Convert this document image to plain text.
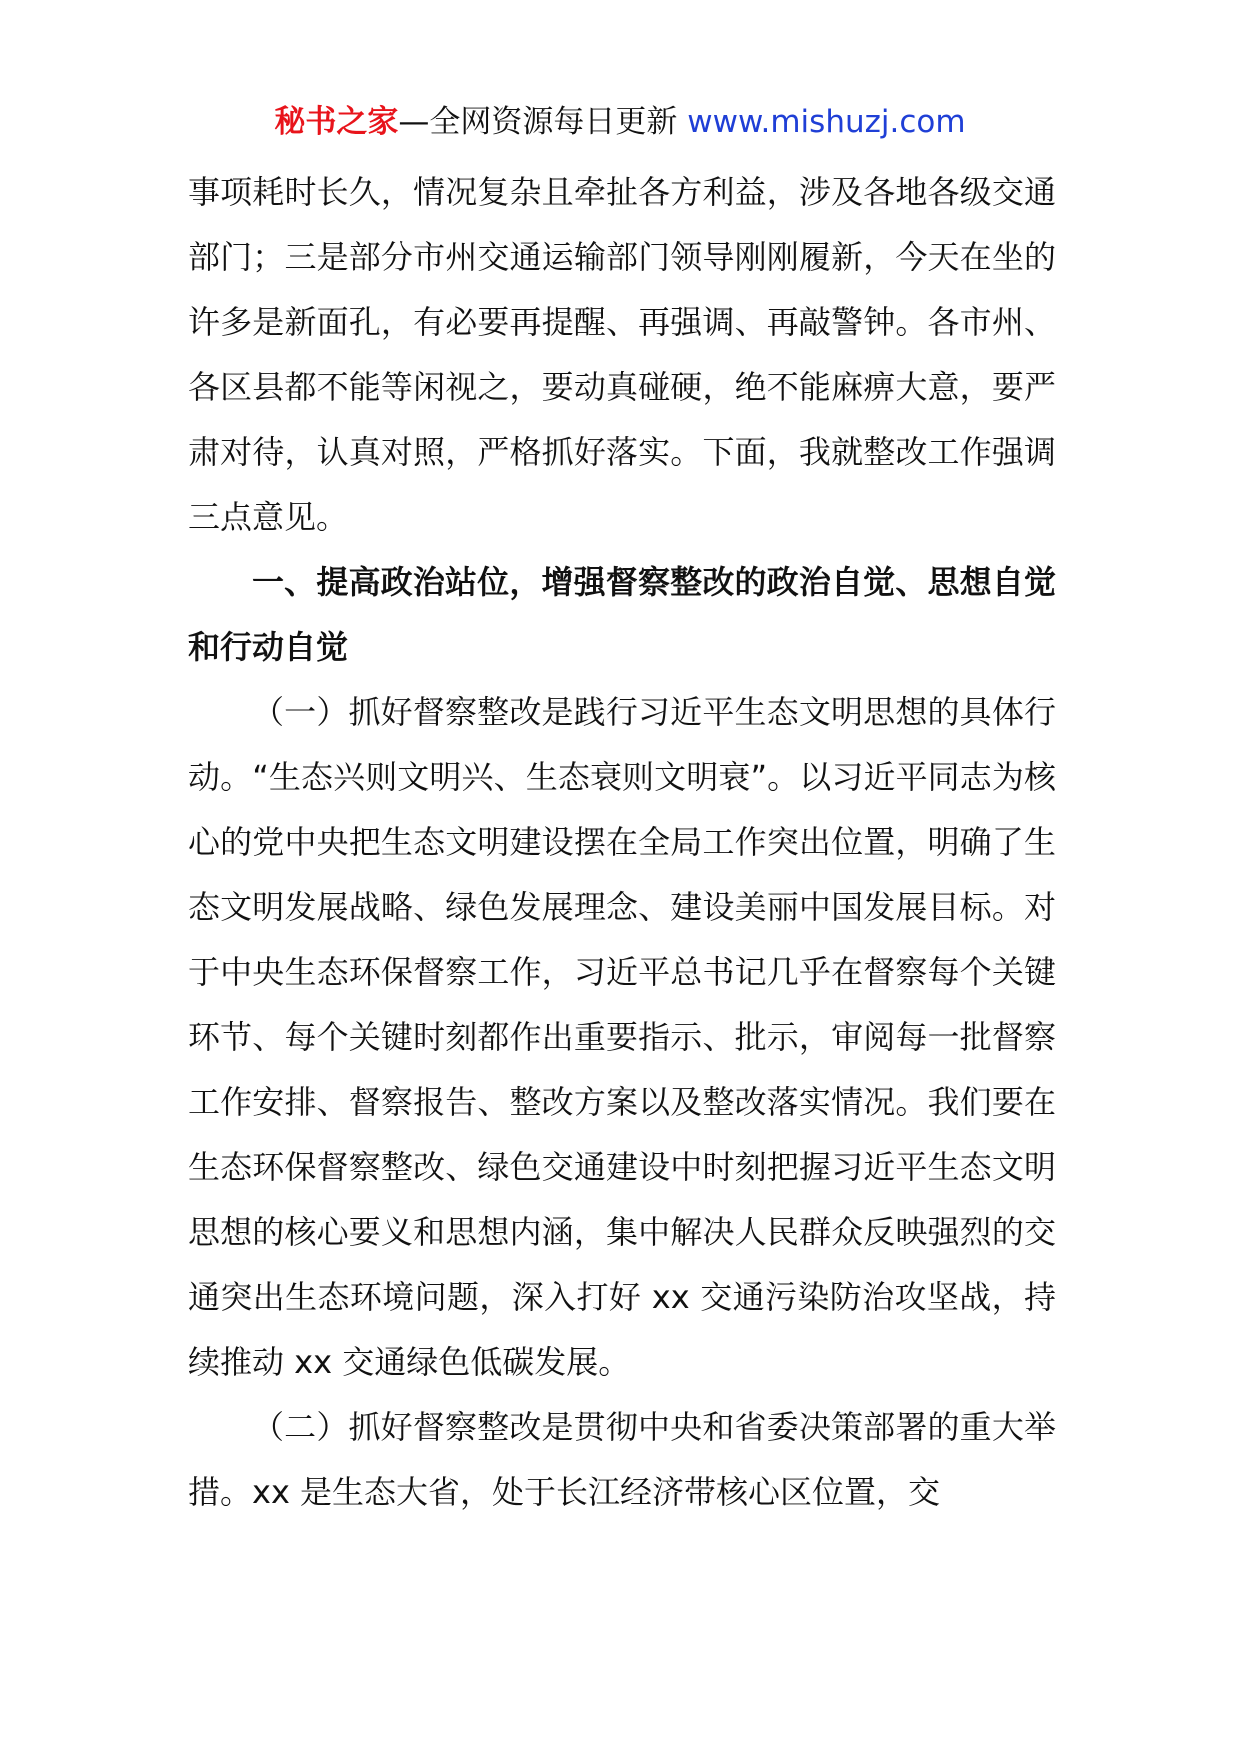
秘书之家—全网资源每日更新 www.mishuzj.com

事项耗时长久，情况复杂且牵扯各方利益，涉及各地各级交通部门；三是部分市州交通运输部门领导刚刚履新，今天在坐的许多是新面孔，有必要再提醒、再强调、再敲警钟。各市州、各区县都不能等闲视之，要动真碰硬，绝不能麻痹大意，要严肃对待，认真对照，严格抓好落实。下面，我就整改工作强调三点意见。

一、提高政治站位，增强督察整改的政治自觉、思想自觉和行动自觉

（一）抓好督察整改是践行习近平生态文明思想的具体行动。“生态兴则文明兴、生态衰则文明衰”。以习近平同志为核心的党中央把生态文明建设摆在全局工作突出位置，明确了生态文明发展战略、绿色发展理念、建设美丽中国发展目标。对于中央生态环保督察工作，习近平总书记几乎在督察每个关键环节、每个关键时刻都作出重要指示、批示，审阅每一批督察工作安排、督察报告、整改方案以及整改落实情况。我们要在生态环保督察整改、绿色交通建设中时刻把握习近平生态文明思想的核心要义和思想内涵，集中解决人民群众反映强烈的交通突出生态环境问题，深入打好 xx 交通污染防治攻坚战，持续推动 xx 交通绿色低碳发展。

（二）抓好督察整改是贯彻中央和省委决策部署的重大举措。xx 是生态大省，处于长江经济带核心区位置，交
